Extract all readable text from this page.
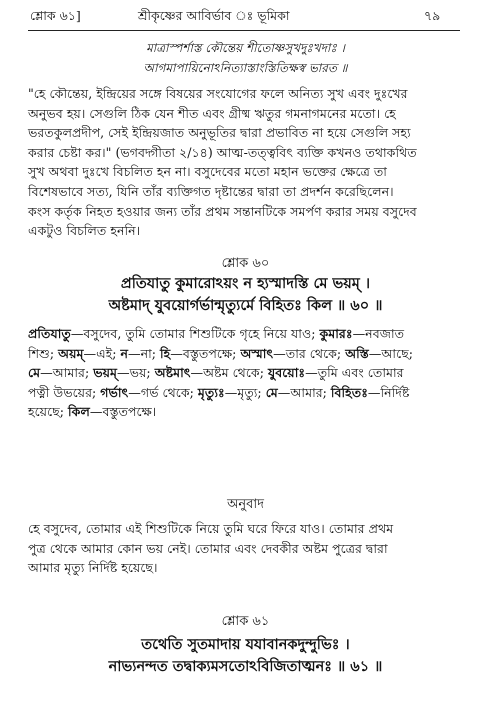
শ্লোক ৬১]	শ্রীকৃষ্ণের আবির্ভাব ঃ ভূমিকা	৭৯
মাত্রাস্পর্শাস্ত কৌন্তেয় শীতোষ্ণসুখদুঃখদাঃ ।
আগমাপায়িনোঽনিত্যাস্তাংস্তিতিক্ষস্ব ভারত ॥

"হে কৌন্তেয়, ইন্দ্রিয়ের সঙ্গে বিষয়ের সংযোগের ফলে অনিত্য সুখ এবং দুঃখের

অনুভব হয়। সেগুলি ঠিক যেন শীত এবং গ্রীষ্ম ঋতুর গমনাগমনের মতো। হে

ভরতকুলপ্রদীপ, সেই ইন্দ্রিয়জাত অনুভূতির দ্বারা প্রভাবিত না হয়ে সেগুলি সহ্য

করার চেষ্টা কর।" (ভগবদ্গীতা ২/১৪) আত্ম-তত্ত্ববিৎ ব্যক্তি কখনও তথাকথিত

সুখ অথবা দুঃখে বিচলিত হন না। বসুদেবের মতো মহান ভক্তের ক্ষেত্রে তা

বিশেষভাবে সত্য, যিনি তাঁর ব্যক্তিগত দৃষ্টান্তের দ্বারা তা প্রদর্শন করেছিলেন।

কংস কর্তৃক নিহত হওয়ার জন্য তাঁর প্রথম সন্তানটিকে সমর্পণ করার সময় বসুদেব

একটুও বিচলিত হননি।

শ্লোক ৬০
প্রতিযাতু কুমারোঽয়ং ন হ্যস্মাদস্তি মে ভয়ম্ ।
অষ্টমাদ্ যুবয়োর্গর্ভান্মৃত্যুর্মে বিহিতঃ কিল ॥ ৬০ ॥

প্রতিযাতু—বসুদেব, তুমি তোমার শিশুটিকে গৃহে নিয়ে যাও; কুমারঃ—নবজাত

শিশু; অয়ম্—এই; ন—না; হি—বস্তুতপক্ষে; অস্মাৎ—তার থেকে; অস্তি—আছে;

মে—আমার; ভয়ম্—ভয়; অষ্টমাৎ—অষ্টম থেকে; যুবয়োঃ—তুমি এবং তোমার

পত্নী উভয়ের; গর্ভাৎ—গর্ভ থেকে; মৃত্যুঃ—মৃত্যু; মে—আমার; বিহিতঃ—নির্দিষ্ট

হয়েছে; কিল—বস্তুতপক্ষে।

অনুবাদ

হে বসুদেব, তোমার এই শিশুটিকে নিয়ে তুমি ঘরে ফিরে যাও। তোমার প্রথম

পুত্র থেকে আমার কোন ভয় নেই। তোমার এবং দেবকীর অষ্টম পুত্রের দ্বারা

আমার মৃত্যু নির্দিষ্ট হয়েছে।

শ্লোক ৬১
তথেতি সুতমাদায় যযাবানকদুন্দুভিঃ ।
নাভ্যনন্দত তদ্বাক্যমসতোঽবিজিতাত্মনঃ ॥ ৬১ ॥
